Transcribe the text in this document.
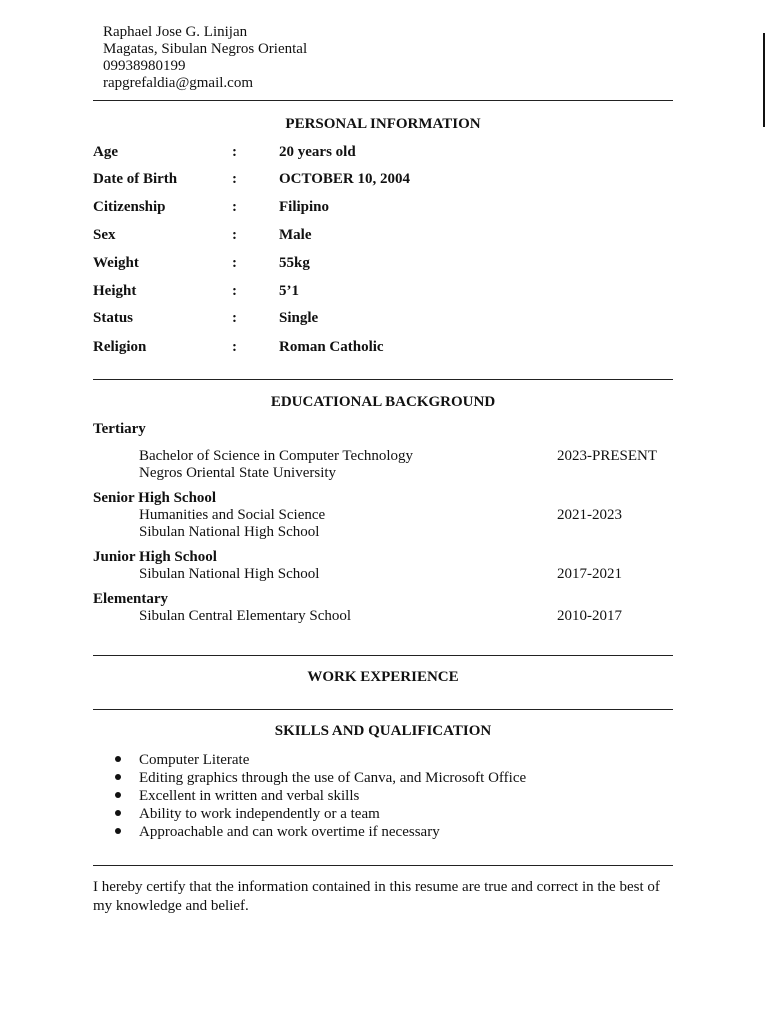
Raphael Jose G. Linijan
Magatas, Sibulan Negros Oriental
09938980199
rapgrefaldia@gmail.com
PERSONAL INFORMATION
Age	:	20 years old
Date of Birth	:	OCTOBER 10, 2004
Citizenship	:	Filipino
Sex	:	Male
Weight	:	55kg
Height	:	5’1
Status	:	Single
Religion	:	Roman Catholic
EDUCATIONAL BACKGROUND
Tertiary
Bachelor of Science in Computer Technology	2023-PRESENT
Negros Oriental State University
Senior High School
Humanities and Social Science	2021-2023
Sibulan National High School
Junior High School
Sibulan National High School	2017-2021
Elementary
Sibulan Central Elementary School	2010-2017
WORK EXPERIENCE
SKILLS AND QUALIFICATION
Computer Literate
Editing graphics through the use of Canva, and Microsoft Office
Excellent in written and verbal skills
Ability to work independently or a team
Approachable and can work overtime if necessary
I hereby certify that the information contained in this resume are true and correct in the best of my knowledge and belief.
